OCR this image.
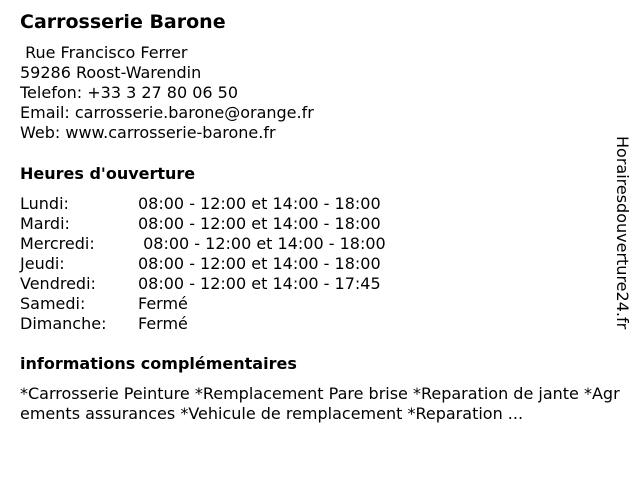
Carrosserie Barone
Rue Francisco Ferrer
59286 Roost-Warendin
Telefon: +33 3 27 80 06 50
Email: carrosserie.barone@orange.fr
Web: www.carrosserie-barone.fr
Heures d'ouverture
Lundi:	08:00 - 12:00 et 14:00 - 18:00
Mardi:	08:00 - 12:00 et 14:00 - 18:00
Mercredi:	08:00 - 12:00 et 14:00 - 18:00
Jeudi:	08:00 - 12:00 et 14:00 - 18:00
Vendredi:	08:00 - 12:00 et 14:00 - 17:45
Samedi:	Fermé
Dimanche:	Fermé
informations complémentaires
*Carrosserie Peinture *Remplacement Pare brise *Reparation de jante *Agrements assurances *Vehicule de remplacement *Reparation ...
Horairesdouverture24.fr
